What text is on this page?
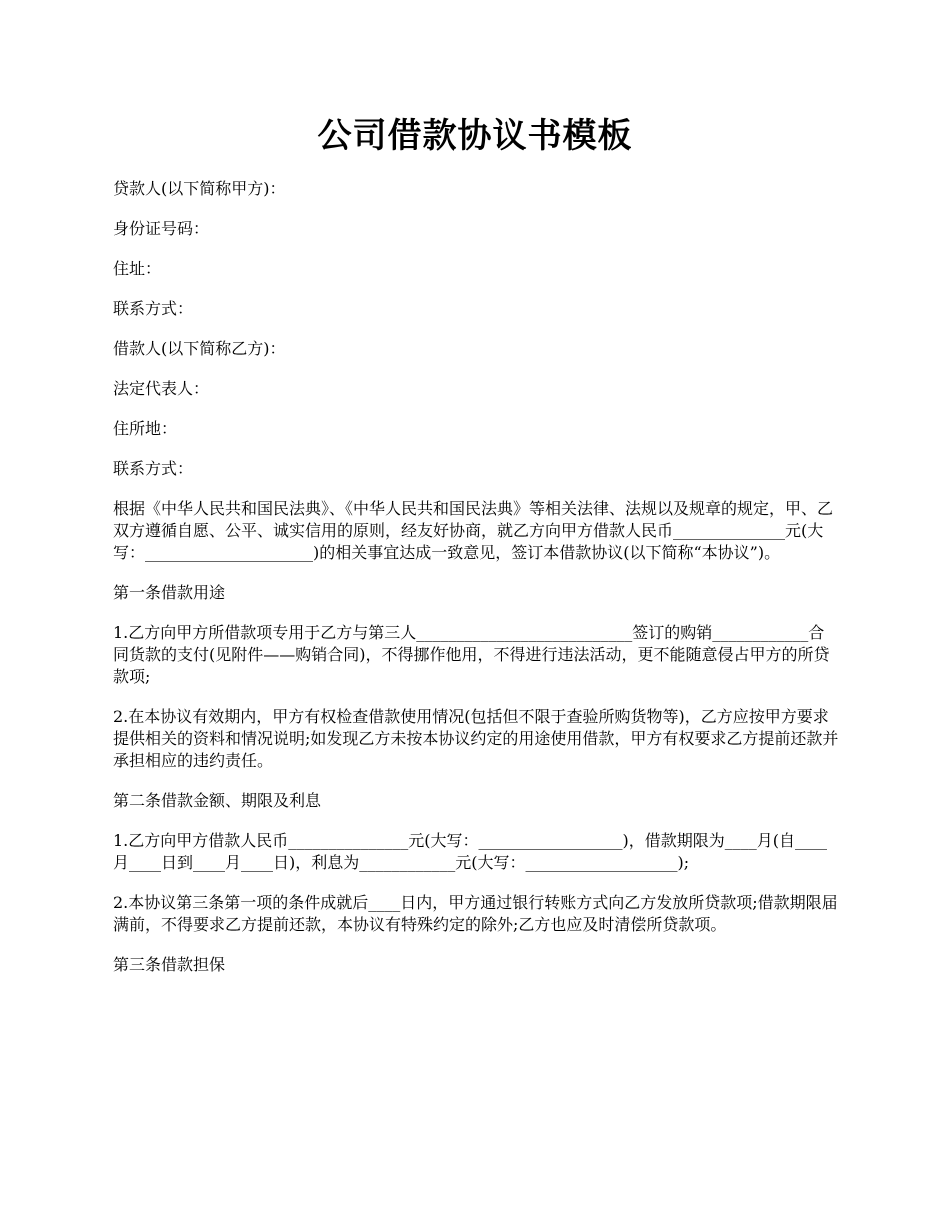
公司借款协议书模板

贷款人(以下简称甲方)：

身份证号码：

住址：

联系方式：

借款人(以下简称乙方)：

法定代表人：

住所地：

联系方式：

根据《中华人民共和国民法典》、《中华人民共和国民法典》等相关法律、法规以及规章的规定，甲、乙双方遵循自愿、公平、诚实信用的原则，经友好协商，就乙方向甲方借款人民币______________元(大写：_____________________)的相关事宜达成一致意见，签订本借款协议(以下简称“本协议”)。

第一条借款用途

1.乙方向甲方所借款项专用于乙方与第三人___________________________签订的购销____________合同货款的支付(见附件——购销合同)，不得挪作他用，不得进行违法活动，更不能随意侵占甲方的所贷款项;

2.在本协议有效期内，甲方有权检查借款使用情况(包括但不限于查验所购货物等)，乙方应按甲方要求提供相关的资料和情况说明;如发现乙方未按本协议约定的用途使用借款，甲方有权要求乙方提前还款并承担相应的违约责任。

第二条借款金额、期限及利息

1.乙方向甲方借款人民币_______________元(大写：__________________)，借款期限为____月(自____月____日到____月____日)，利息为____________元(大写：___________________);

2.本协议第三条第一项的条件成就后____日内，甲方通过银行转账方式向乙方发放所贷款项;借款期限届满前，不得要求乙方提前还款，本协议有特殊约定的除外;乙方也应及时清偿所贷款项。

第三条借款担保
